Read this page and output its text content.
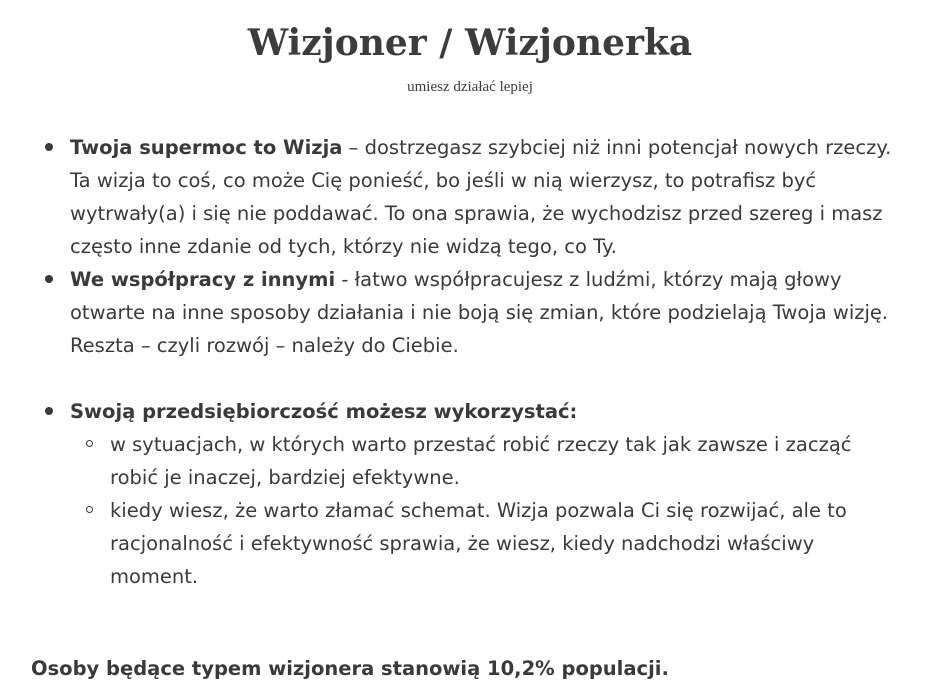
Wizjoner / Wizjonerka

umiesz działać lepiej

Twoja supermoc to Wizja – dostrzegasz szybciej niż inni potencjał nowych rzeczy. Ta wizja to coś, co może Cię ponieść, bo jeśli w nią wierzysz, to potrafisz być wytrwały(a) i się nie poddawać. To ona sprawia, że wychodzisz przed szereg i masz często inne zdanie od tych, którzy nie widzą tego, co Ty.
We współpracy z innymi - łatwo współpracujesz z ludźmi, którzy mają głowy otwarte na inne sposoby działania i nie boją się zmian, które podzielają Twoja wizję. Reszta – czyli rozwój – należy do Ciebie.
Swoją przedsiębiorczość możesz wykorzystać:
w sytuacjach, w których warto przestać robić rzeczy tak jak zawsze i zacząć robić je inaczej, bardziej efektywne.
kiedy wiesz, że warto złamać schemat. Wizja pozwala Ci się rozwijać, ale to racjonalność i efektywność sprawia, że wiesz, kiedy nadchodzi właściwy moment.

Osoby będące typem wizjonera stanowią 10,2% populacji.
